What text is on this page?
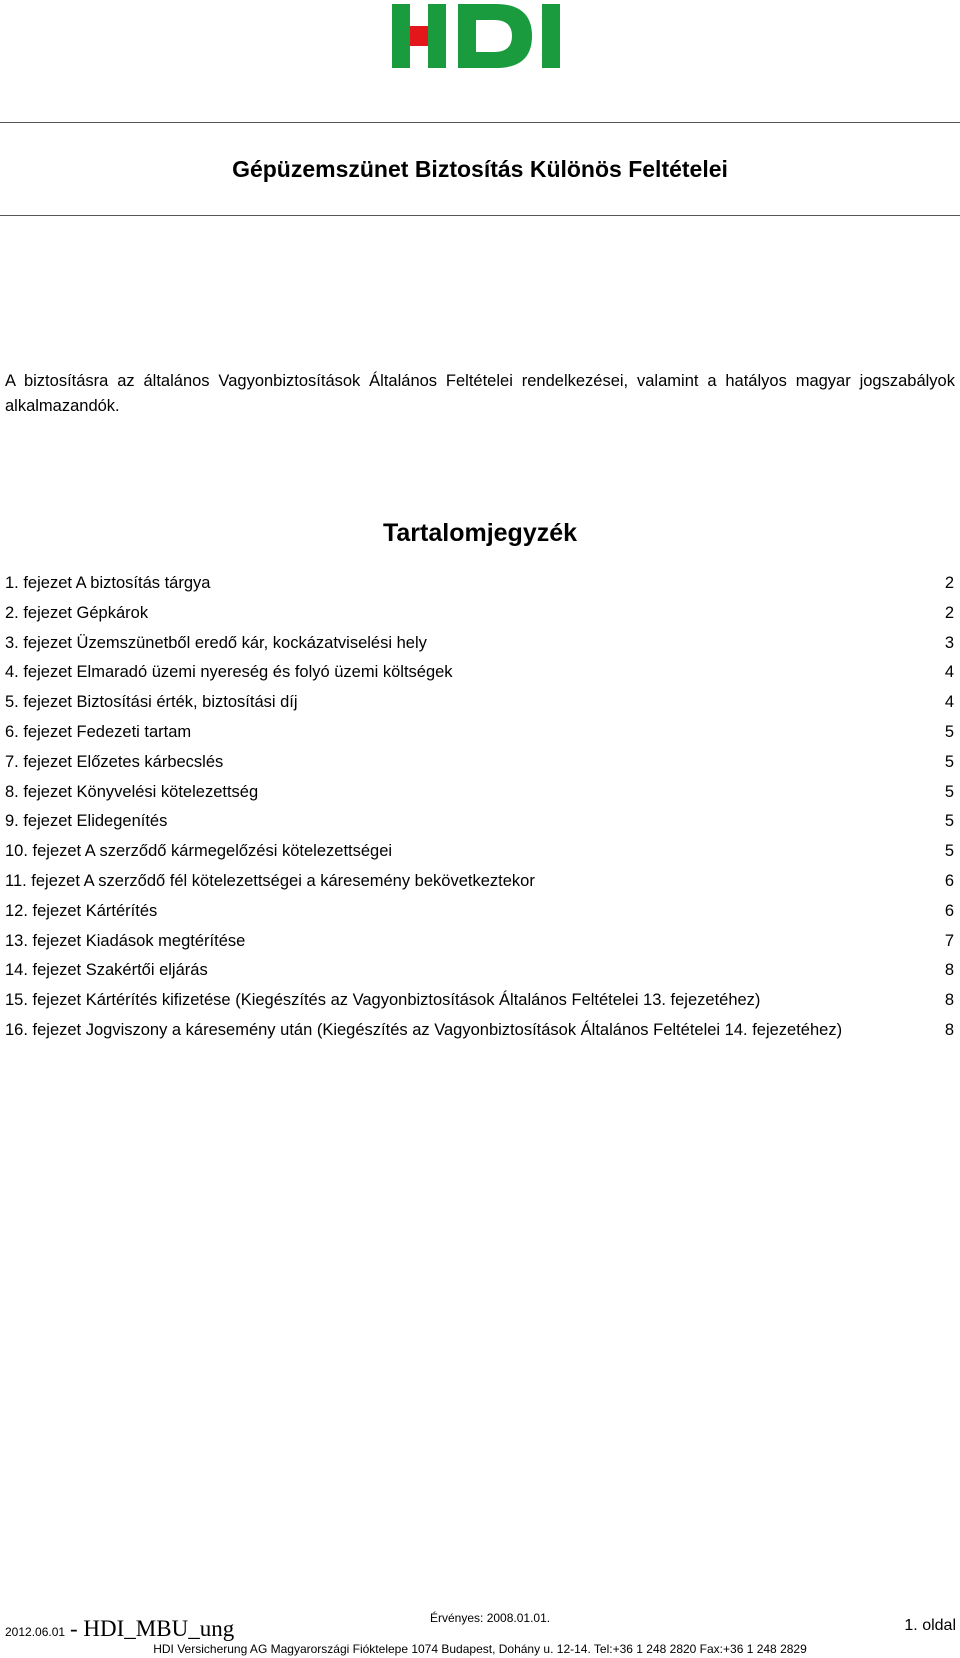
Gépüzemszünet Biztosítás Különös Feltételei

A biztosításra az általános Vagyonbiztosítások Általános Feltételei rendelkezései, valamint a hatályos magyar jogszabályok alkalmazandók.

Tartalomjegyzék
1. fejezet A biztosítás tárgya	2
2. fejezet Gépkárok	2
3. fejezet Üzemszünetből eredő kár, kockázatviselési hely	3
4. fejezet Elmaradó üzemi nyereség és folyó üzemi költségek	4
5. fejezet Biztosítási érték, biztosítási díj	4
6. fejezet Fedezeti tartam	5
7. fejezet Előzetes kárbecslés	5
8. fejezet Könyvelési kötelezettség	5
9. fejezet Elidegenítés	5
10. fejezet A szerződő kármegelőzési kötelezettségei	5
11. fejezet A szerződő fél kötelezettségei a káresemény bekövetkeztekor	6
12. fejezet Kártérítés	6
13. fejezet Kiadások megtérítése	7
14. fejezet Szakértői eljárás	8
15. fejezet Kártérítés kifizetése (Kiegészítés az Vagyonbiztosítások Általános Feltételei 13. fejezetéhez)	8
16. fejezet Jogviszony a káresemény után (Kiegészítés az Vagyonbiztosítások Általános Feltételei 14. fejezetéhez)	8
Érvényes: 2008.01.01.
2012.06.01 - HDI_MBU_ung	1. oldal
HDI Versicherung AG Magyarországi Fióktelepe 1074 Budapest, Dohány u. 12-14. Tel:+36 1 248 2820 Fax:+36 1 248 2829
